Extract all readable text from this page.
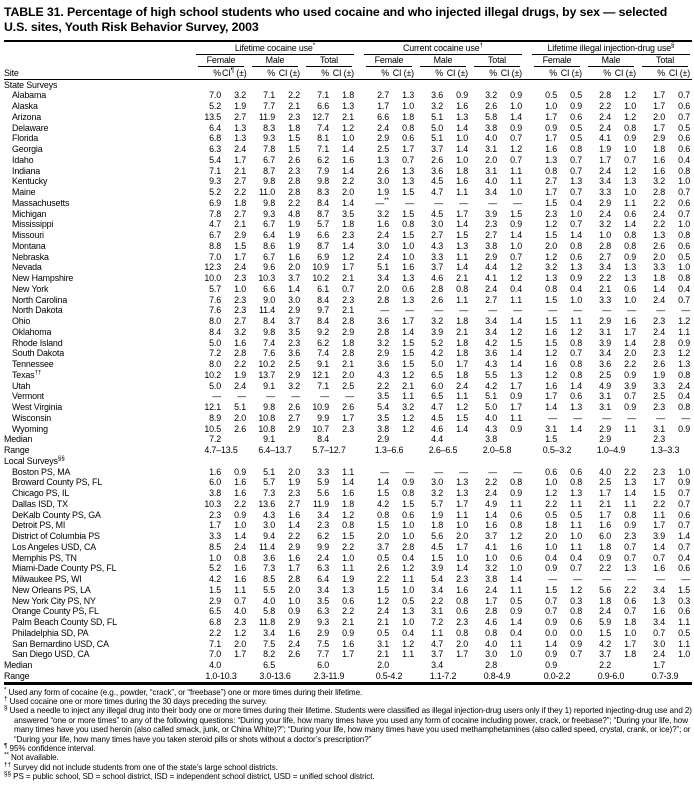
TABLE 31. Percentage of high school students who used cocaine and who injected illegal drugs, by sex — selected U.S. sites, Youth Risk Behavior Survey, 2003

	Lifetime cocaine use*							Current cocaine use†							Lifetime illegal injection-drug use§

	Female		Male		Total			Female		Male		Total			Female		Male		Total	

Site	%	CI¶ (±)	%	CI (±)	%	CI (±)		%	CI (±)	%	CI (±)	%	CI (±)		%	CI (±)	%	CI (±)	%	CI (±)
State Surveys																				
Alabama	7.0	3.2	7.1	2.2	7.1	1.8		2.7	1.3	3.6	0.9	3.2	0.9		0.5	0.5	2.8	1.2	1.7	0.7
Alaska	5.2	1.9	7.7	2.1	6.6	1.3		1.7	1.0	3.2	1.6	2.6	1.0		1.0	0.9	2.2	1.0	1.7	0.6
Arizona	13.5	2.7	11.9	2.3	12.7	2.1		6.6	1.8	5.1	1.3	5.8	1.4		1.7	0.6	2.4	1.2	2.0	0.7
Delaware	6.4	1.3	8.3	1.8	7.4	1.2		2.4	0.8	5.0	1.4	3.8	0.9		0.9	0.5	2.4	0.8	1.7	0.5
Florida	6.8	1.3	9.3	1.5	8.1	1.0		2.9	0.6	5.1	1.0	4.0	0.7		1.7	0.5	4.1	0.9	2.9	0.6
Georgia	6.3	2.4	7.8	1.5	7.1	1.4		2.5	1.7	3.7	1.4	3.1	1.2		1.6	0.8	1.9	1.0	1.8	0.6
Idaho	5.4	1.7	6.7	2.6	6.2	1.6		1.3	0.7	2.6	1.0	2.0	0.7		1.3	0.7	1.7	0.7	1.6	0.4
Indiana	7.1	2.1	8.7	2.3	7.9	1.4		2.6	1.3	3.6	1.8	3.1	1.1		0.8	0.7	2.4	1.2	1.6	0.8
Kentucky	9.3	2.7	9.8	2.8	9.8	2.2		3.0	1.3	4.5	1.6	4.0	1.1		2.7	1.3	3.4	1.3	3.2	1.0
Maine	5.2	2.2	11.0	2.8	8.3	2.0		1.9	1.5	4.7	1.1	3.4	1.0		1.7	0.7	3.3	1.0	2.8	0.7
Massachusetts	6.9	1.8	9.8	2.2	8.4	1.4		—**	—	—	—	—	—		1.5	0.4	2.9	1.1	2.2	0.6
Michigan	7.8	2.7	9.3	4.8	8.7	3.5		3.2	1.5	4.5	1.7	3.9	1.5		2.3	1.0	2.4	0.6	2.4	0.7
Mississippi	4.7	2.1	6.7	1.9	5.7	1.8		1.6	0.8	3.0	1.4	2.3	0.9		1.2	0.7	3.2	1.4	2.2	1.0
Missouri	6.7	2.9	6.4	1.9	6.6	2.3		2.4	1.5	2.7	1.5	2.7	1.4		1.5	1.4	1.0	0.8	1.3	0.8
Montana	8.8	1.5	8.6	1.9	8.7	1.4		3.0	1.0	4.3	1.3	3.8	1.0		2.0	0.8	2.8	0.8	2.6	0.6
Nebraska	7.0	1.7	6.7	1.6	6.9	1.2		2.4	1.0	3.3	1.1	2.9	0.7		1.2	0.6	2.7	0.9	2.0	0.5
Nevada	12.3	2.4	9.6	2.0	10.9	1.7		5.1	1.6	3.7	1.4	4.4	1.2		3.2	1.3	3.4	1.3	3.3	1.0
New Hampshire	10.0	2.3	10.3	3.7	10.2	2.1		3.4	1.3	4.6	2.1	4.1	1.2		1.3	0.9	2.2	1.3	1.8	0.8
New York	5.7	1.0	6.6	1.4	6.1	0.7		2.0	0.6	2.8	0.8	2.4	0.4		0.8	0.4	2.1	0.6	1.4	0.4
North Carolina	7.6	2.3	9.0	3.0	8.4	2.3		2.8	1.3	2.6	1.1	2.7	1.1		1.5	1.0	3.3	1.0	2.4	0.7
North Dakota	7.6	2.3	11.4	2.9	9.7	2.1		—	—	—	—	—	—		—	—	—	—	—	—
Ohio	8.0	2.7	8.4	3.7	8.4	2.8		3.6	1.7	3.2	1.8	3.4	1.4		1.5	1.1	2.9	1.6	2.3	1.2
Oklahoma	8.4	3.2	9.8	3.5	9.2	2.9		2.8	1.4	3.9	2.1	3.4	1.2		1.6	1.2	3.1	1.7	2.4	1.1
Rhode Island	5.0	1.6	7.4	2.3	6.2	1.8		3.2	1.5	5.2	1.8	4.2	1.5		1.5	0.8	3.9	1.4	2.8	0.9
South Dakota	7.2	2.8	7.6	3.6	7.4	2.8		2.9	1.5	4.2	1.8	3.6	1.4		1.2	0.7	3.4	2.0	2.3	1.2
Tennessee	8.0	2.2	10.2	2.5	9.1	2.1		3.6	1.5	5.0	1.7	4.3	1.4		1.6	0.8	3.6	2.2	2.6	1.3
Texas††	10.2	1.9	13.7	2.9	12.1	2.0		4.3	1.2	6.5	1.8	5.5	1.3		1.2	0.8	2.5	0.9	1.9	0.8
Utah	5.0	2.4	9.1	3.2	7.1	2.5		2.2	2.1	6.0	2.4	4.2	1.7		1.6	1.4	4.9	3.9	3.3	2.4
Vermont	—	—	—	—	—	—		3.5	1.1	6.5	1.1	5.1	0.9		1.7	0.6	3.1	0.7	2.5	0.4
West Virginia	12.1	5.1	9.8	2.6	10.9	2.6		5.4	3.2	4.7	1.2	5.0	1.7		1.4	1.3	3.1	0.9	2.3	0.8
Wisconsin	8.9	2.0	10.8	2.7	9.9	1.7		3.5	1.2	4.5	1.5	4.0	1.1		—	—	—	—	—	—
Wyoming	10.5	2.6	10.8	2.9	10.7	2.3		3.8	1.2	4.6	1.4	4.3	0.9		3.1	1.4	2.9	1.1	3.1	0.9
Median	7.2		9.1		8.4			2.9		4.4		3.8			1.5		2.9		2.3	
Range	4.7–13.5		6.4–13.7		5.7–12.7			1.3–6.6		2.6–6.5		2.0–5.8			0.5–3.2		1.0–4.9		1.3–3.3	
Local Surveys§§
Boston PS, MA	1.6	0.9	5.1	2.0	3.3	1.1		—	—	—	—	—	—		0.6	0.6	4.0	2.2	2.3	1.0
Broward County PS, FL	6.0	1.6	5.7	1.9	5.9	1.4		1.4	0.9	3.0	1.3	2.2	0.8		1.0	0.8	2.5	1.3	1.7	0.9
Chicago PS, IL	3.8	1.6	7.3	2.3	5.6	1.6		1.5	0.8	3.2	1.3	2.4	0.9		1.2	1.3	1.7	1.4	1.5	0.7
Dallas ISD, TX	10.3	2.2	13.6	2.7	11.9	1.8		4.2	1.5	5.7	1.7	4.9	1.1		2.2	1.1	2.1	1.1	2.2	0.7
DeKalb County PS, GA	2.3	0.9	4.3	1.6	3.4	1.2		0.8	0.6	1.9	1.1	1.4	0.6		0.5	0.5	1.7	0.8	1.1	0.6
Detroit PS, MI	1.7	1.0	3.0	1.4	2.3	0.8		1.5	1.0	1.8	1.0	1.6	0.8		1.8	1.1	1.6	0.9	1.7	0.7
District of Columbia PS	3.3	1.4	9.4	2.2	6.2	1.5		2.0	1.0	5.6	2.0	3.7	1.2		2.0	1.0	6.0	2.3	3.9	1.4
Los Angeles USD, CA	8.5	2.4	11.4	2.9	9.9	2.2		3.7	2.8	4.5	1.7	4.1	1.6		1.0	1.1	1.8	0.7	1.4	0.7
Memphis PS, TN	1.0	0.8	3.6	1.6	2.4	1.0		0.5	0.4	1.5	1.0	1.0	0.6		0.4	0.4	0.9	0.7	0.7	0.4
Miami-Dade County PS, FL	5.2	1.6	7.3	1.7	6.3	1.1		2.6	1.2	3.9	1.4	3.2	1.0		0.9	0.7	2.2	1.3	1.6	0.6
Milwaukee PS, WI	4.2	1.6	8.5	2.8	6.4	1.9		2.2	1.1	5.4	2.3	3.8	1.4		—	—	—	—	—	—
New Orleans PS, LA	1.5	1.1	5.5	2.0	3.4	1.3		1.5	1.0	3.4	1.6	2.4	1.1		1.5	1.2	5.6	2.2	3.4	1.5
New York City PS, NY	2.9	0.7	4.0	1.0	3.5	0.6		1.2	0.5	2.2	0.8	1.7	0.5		0.7	0.3	1.8	0.6	1.3	0.3
Orange County PS, FL	6.5	4.0	5.8	0.9	6.3	2.2		2.4	1.3	3.1	0.6	2.8	0.9		0.7	0.8	2.4	0.7	1.6	0.6
Palm Beach County SD, FL	6.8	2.3	11.8	2.9	9.3	2.1		2.1	1.0	7.2	2.3	4.6	1.4		0.9	0.6	5.9	1.8	3.4	1.1
Philadelphia SD, PA	2.2	1.2	3.4	1.6	2.9	0.9		0.5	0.4	1.1	0.8	0.8	0.4		0.0	0.0	1.5	1.0	0.7	0.5
San Bernardino USD, CA	7.1	2.0	7.5	2.4	7.5	1.6		3.1	1.2	4.7	2.0	4.0	1.1		1.4	0.9	4.2	1.7	3.0	1.1
San Diego USD, CA	7.0	1.7	8.2	2.6	7.7	1.7		2.1	1.1	3.7	1.7	3.0	1.0		0.9	0.7	3.7	1.8	2.4	1.0
Median	4.0		6.5		6.0			2.0		3.4		2.8			0.9		2.2		1.7	
Range	1.0-10.3		3.0-13.6		2.3-11.9			0.5-4.2		1.1-7.2		0.8-4.9			0.0-2.2		0.9-6.0		0.7-3.9	
* Used any form of cocaine (e.g., powder, “crack”, or “freebase”) one or more times during their lifetime.
† Used cocaine one or more times during the 30 days preceding the survey.
§ Used a needle to inject any illegal drug into their body one or more times during their lifetime. Students were classified as illegal injection-drug users only if they 1) reported injecting-drug use and 2) answered “one or more times” to any of the following questions: “During your life, how many times have you used any form of cocaine including power, crack, or freebase?”; “During your life, how many times have you used heroin (also called smack, junk, or China White)?”; “During your life, how many times have you used methamphetamines (also called speed, crystal, crank, or ice)?”; or “During your life, how many times have you taken steroid pills or shots without a doctor’s prescription?”
¶ 95% confidence interval.
** Not available.
†† Survey did not include students from one of the state’s large school districts.
§§ PS = public school, SD = school district, ISD = independent school district, USD = unified school district.
